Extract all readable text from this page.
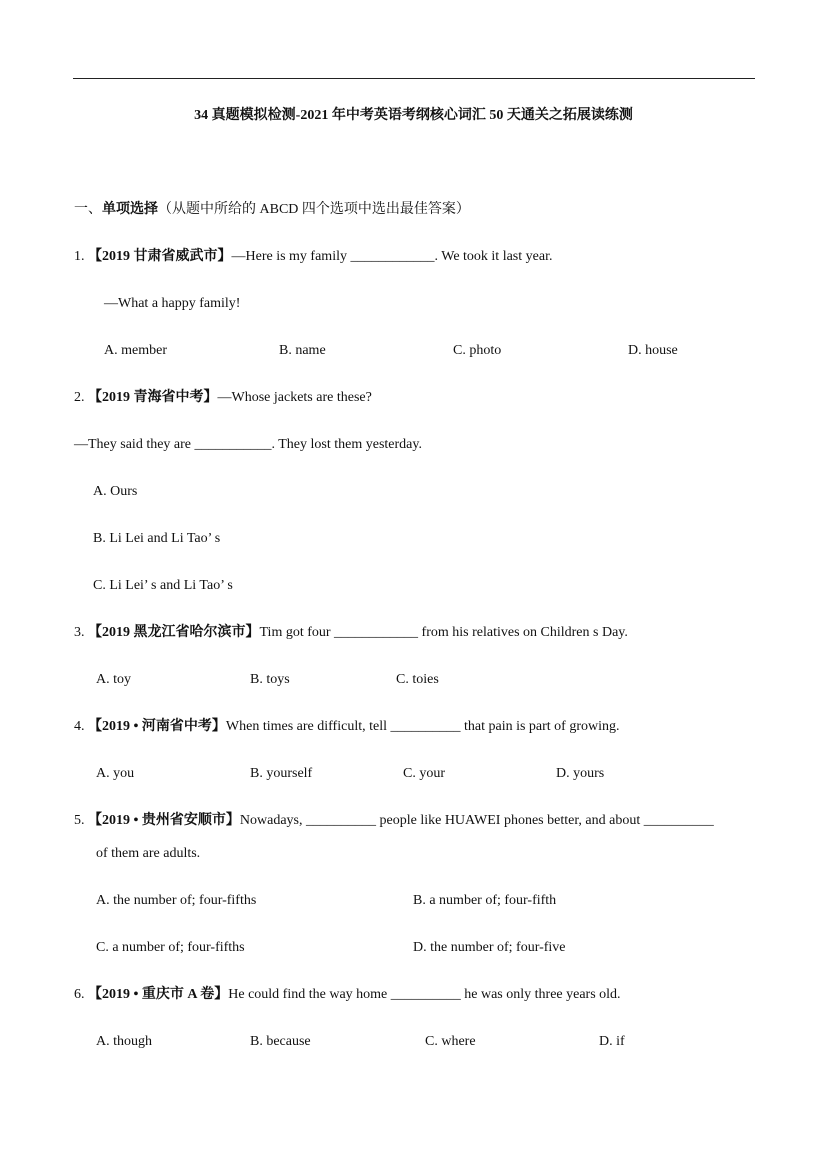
34 真题模拟检测-2021 年中考英语考纲核心词汇 50 天通关之拓展读练测
一、单项选择（从题中所给的 ABCD 四个选项中选出最佳答案）
1. 【2019 甘肃省威武市】—Here is my family ____________. We took it last year.
—What a happy family!
A. member	B. name	C. photo	D. house
2. 【2019 青海省中考】—Whose jackets are these?
—They said they are ___________. They lost them yesterday.
A. Ours
B. Li Lei and Li Tao’ s
C. Li Lei’ s and Li Tao’ s
3. 【2019 黑龙江省哈尔滨市】Tim got four ____________ from his relatives on Children s Day.
A. toy	B. toys	C. toies
4. 【2019 • 河南省中考】When times are difficult, tell __________ that pain is part of growing.
A. you	B. yourself	C. your	D. yours
5. 【2019 • 贵州省安顺市】Nowadays, __________ people like HUAWEI phones better, and about __________
of them are adults.
A. the number of; four-fifths	B. a number of; four-fifth
C. a number of; four-fifths	D. the number of; four-five
6. 【2019 • 重庆市 A 卷】He could find the way home __________ he was only three years old.
A. though	B. because	C. where	D. if
